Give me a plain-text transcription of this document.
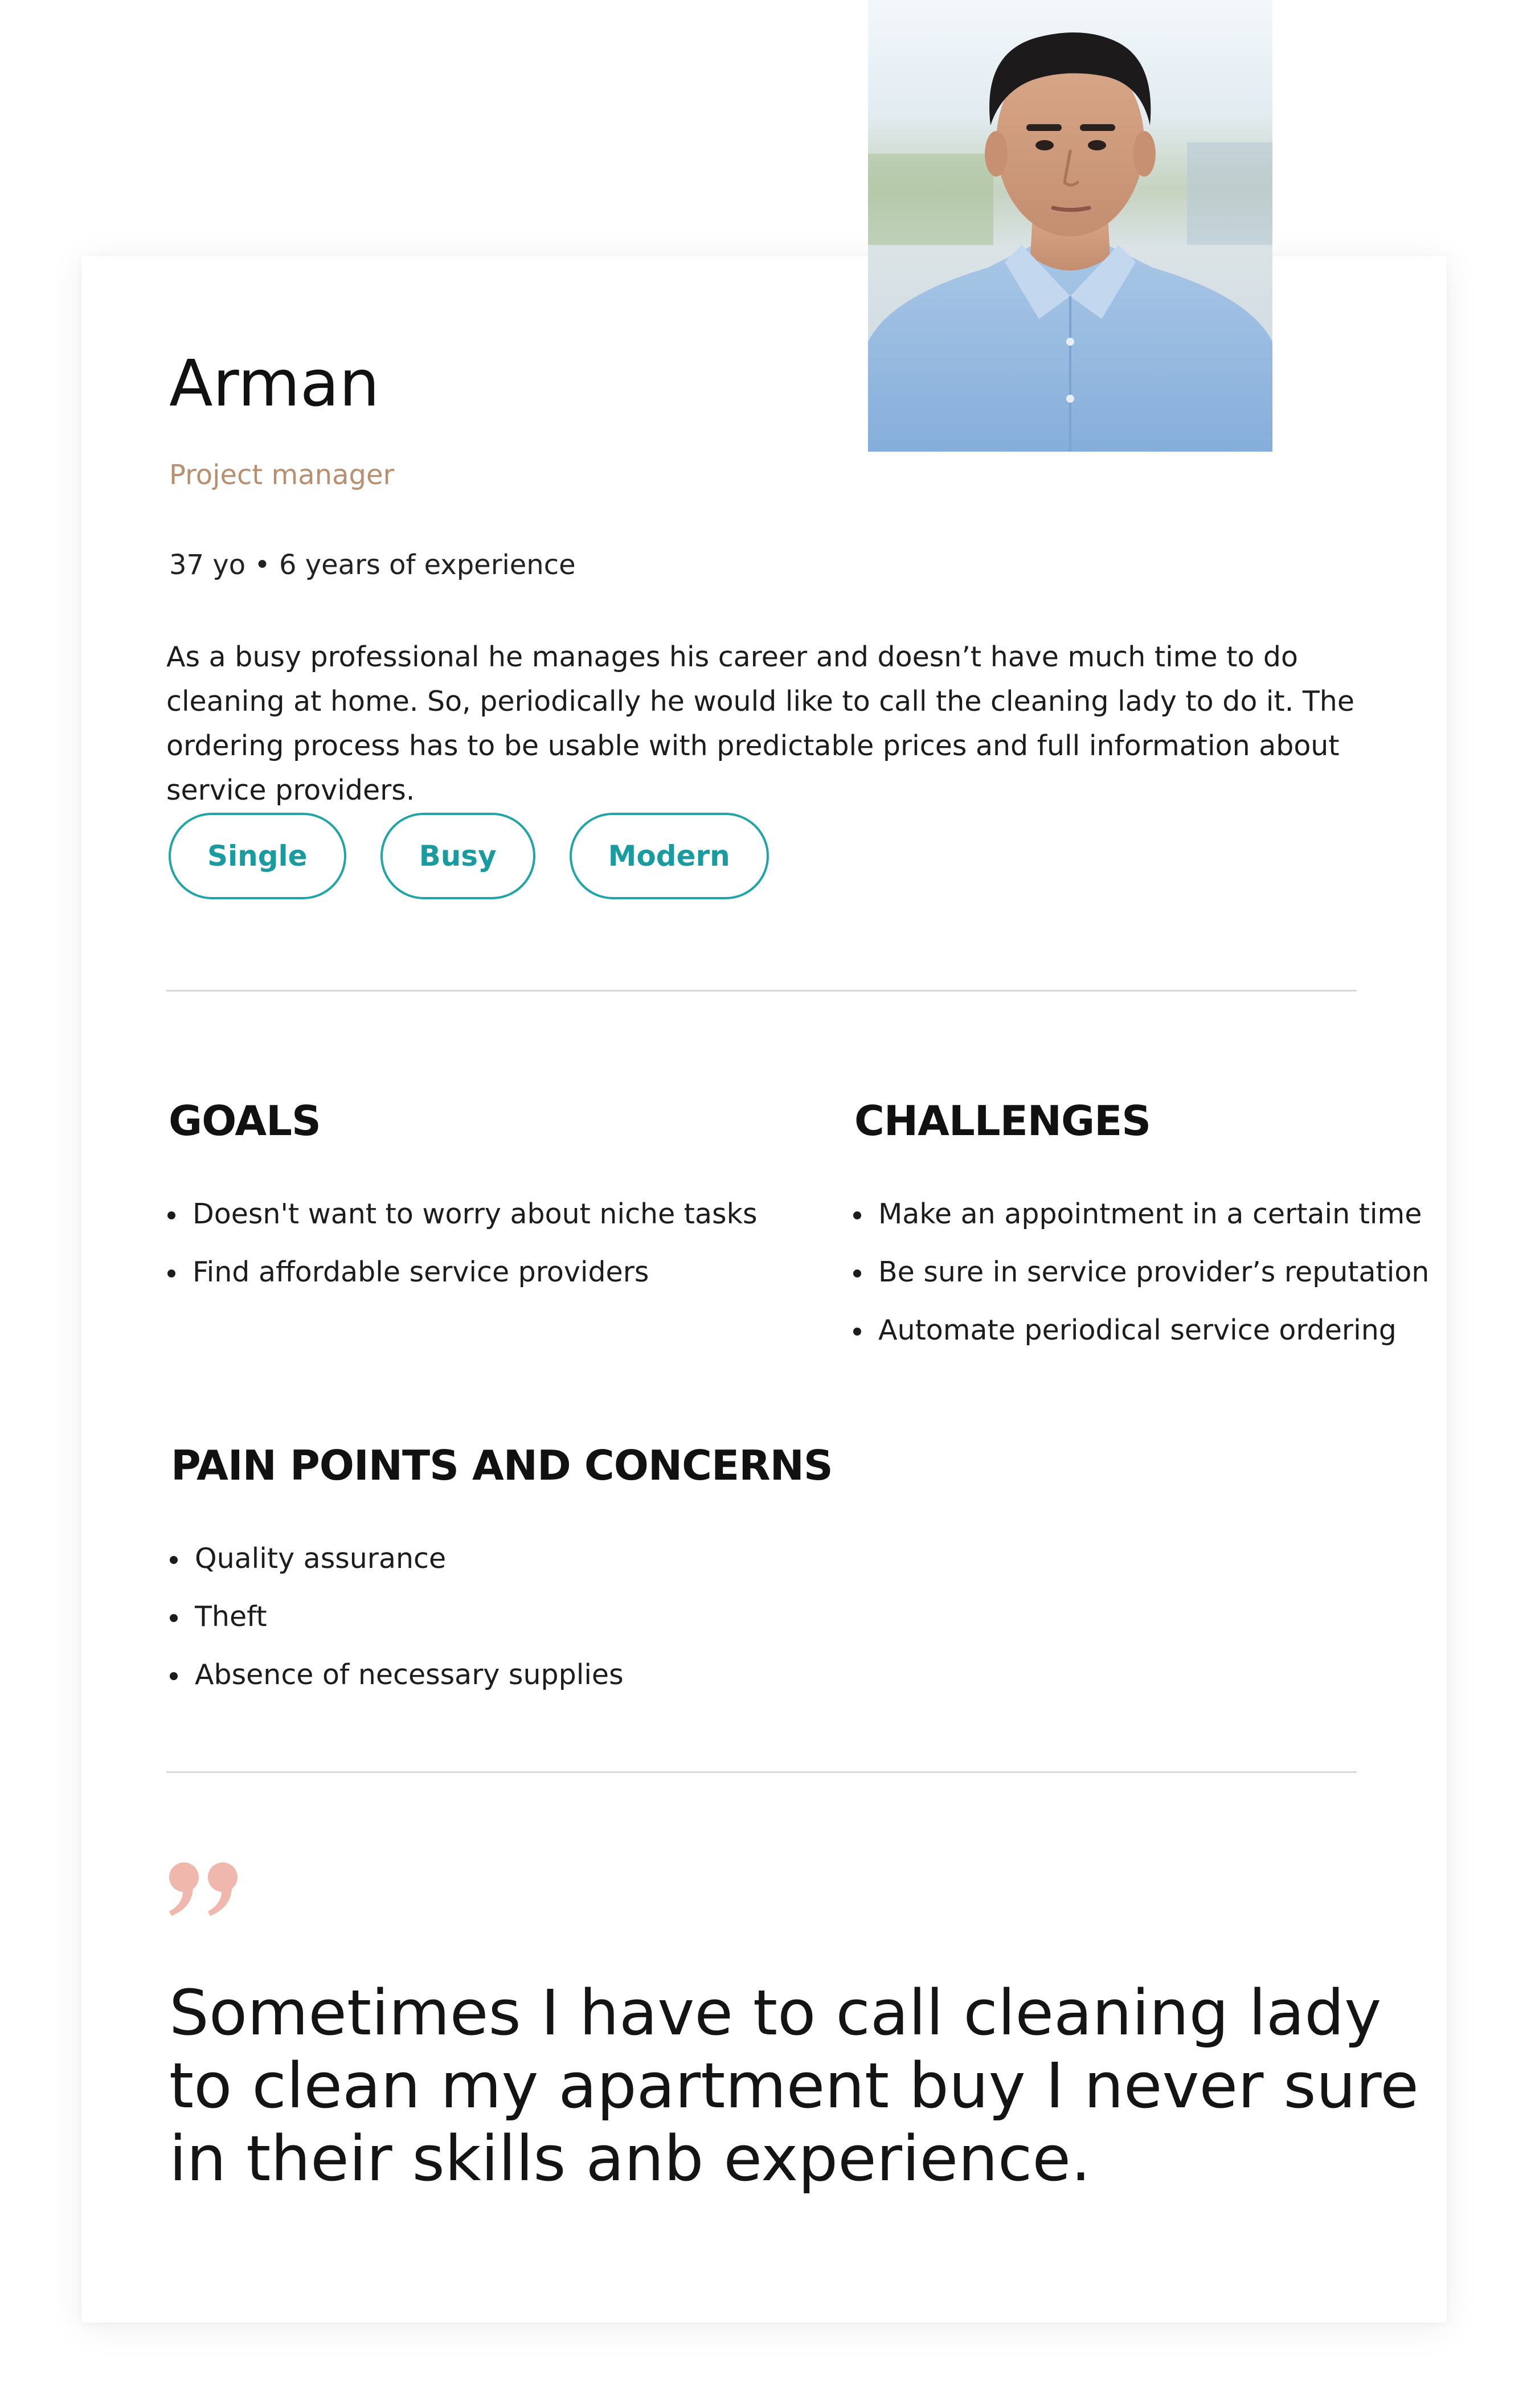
Arman
Project manager
37 yo • 6 years of experience

As a busy professional he manages his career and doesn’t have much time to do cleaning at home. So, periodically he would like to call the cleaning lady to do it. The ordering process has to be usable with predictable prices and full information about service providers.

Single	Busy	Modern
GOALS
Doesn't want to worry about niche tasks
Find affordable service providers
CHALLENGES
Make an appointment in a certain time
Be sure in service provider’s reputation
Automate periodical service ordering
PAIN POINTS AND CONCERNS
Quality assurance
Theft
Absence of necessary supplies

Sometimes I have to call cleaning lady to clean my apartment buy I never sure in their skills anb experience.
